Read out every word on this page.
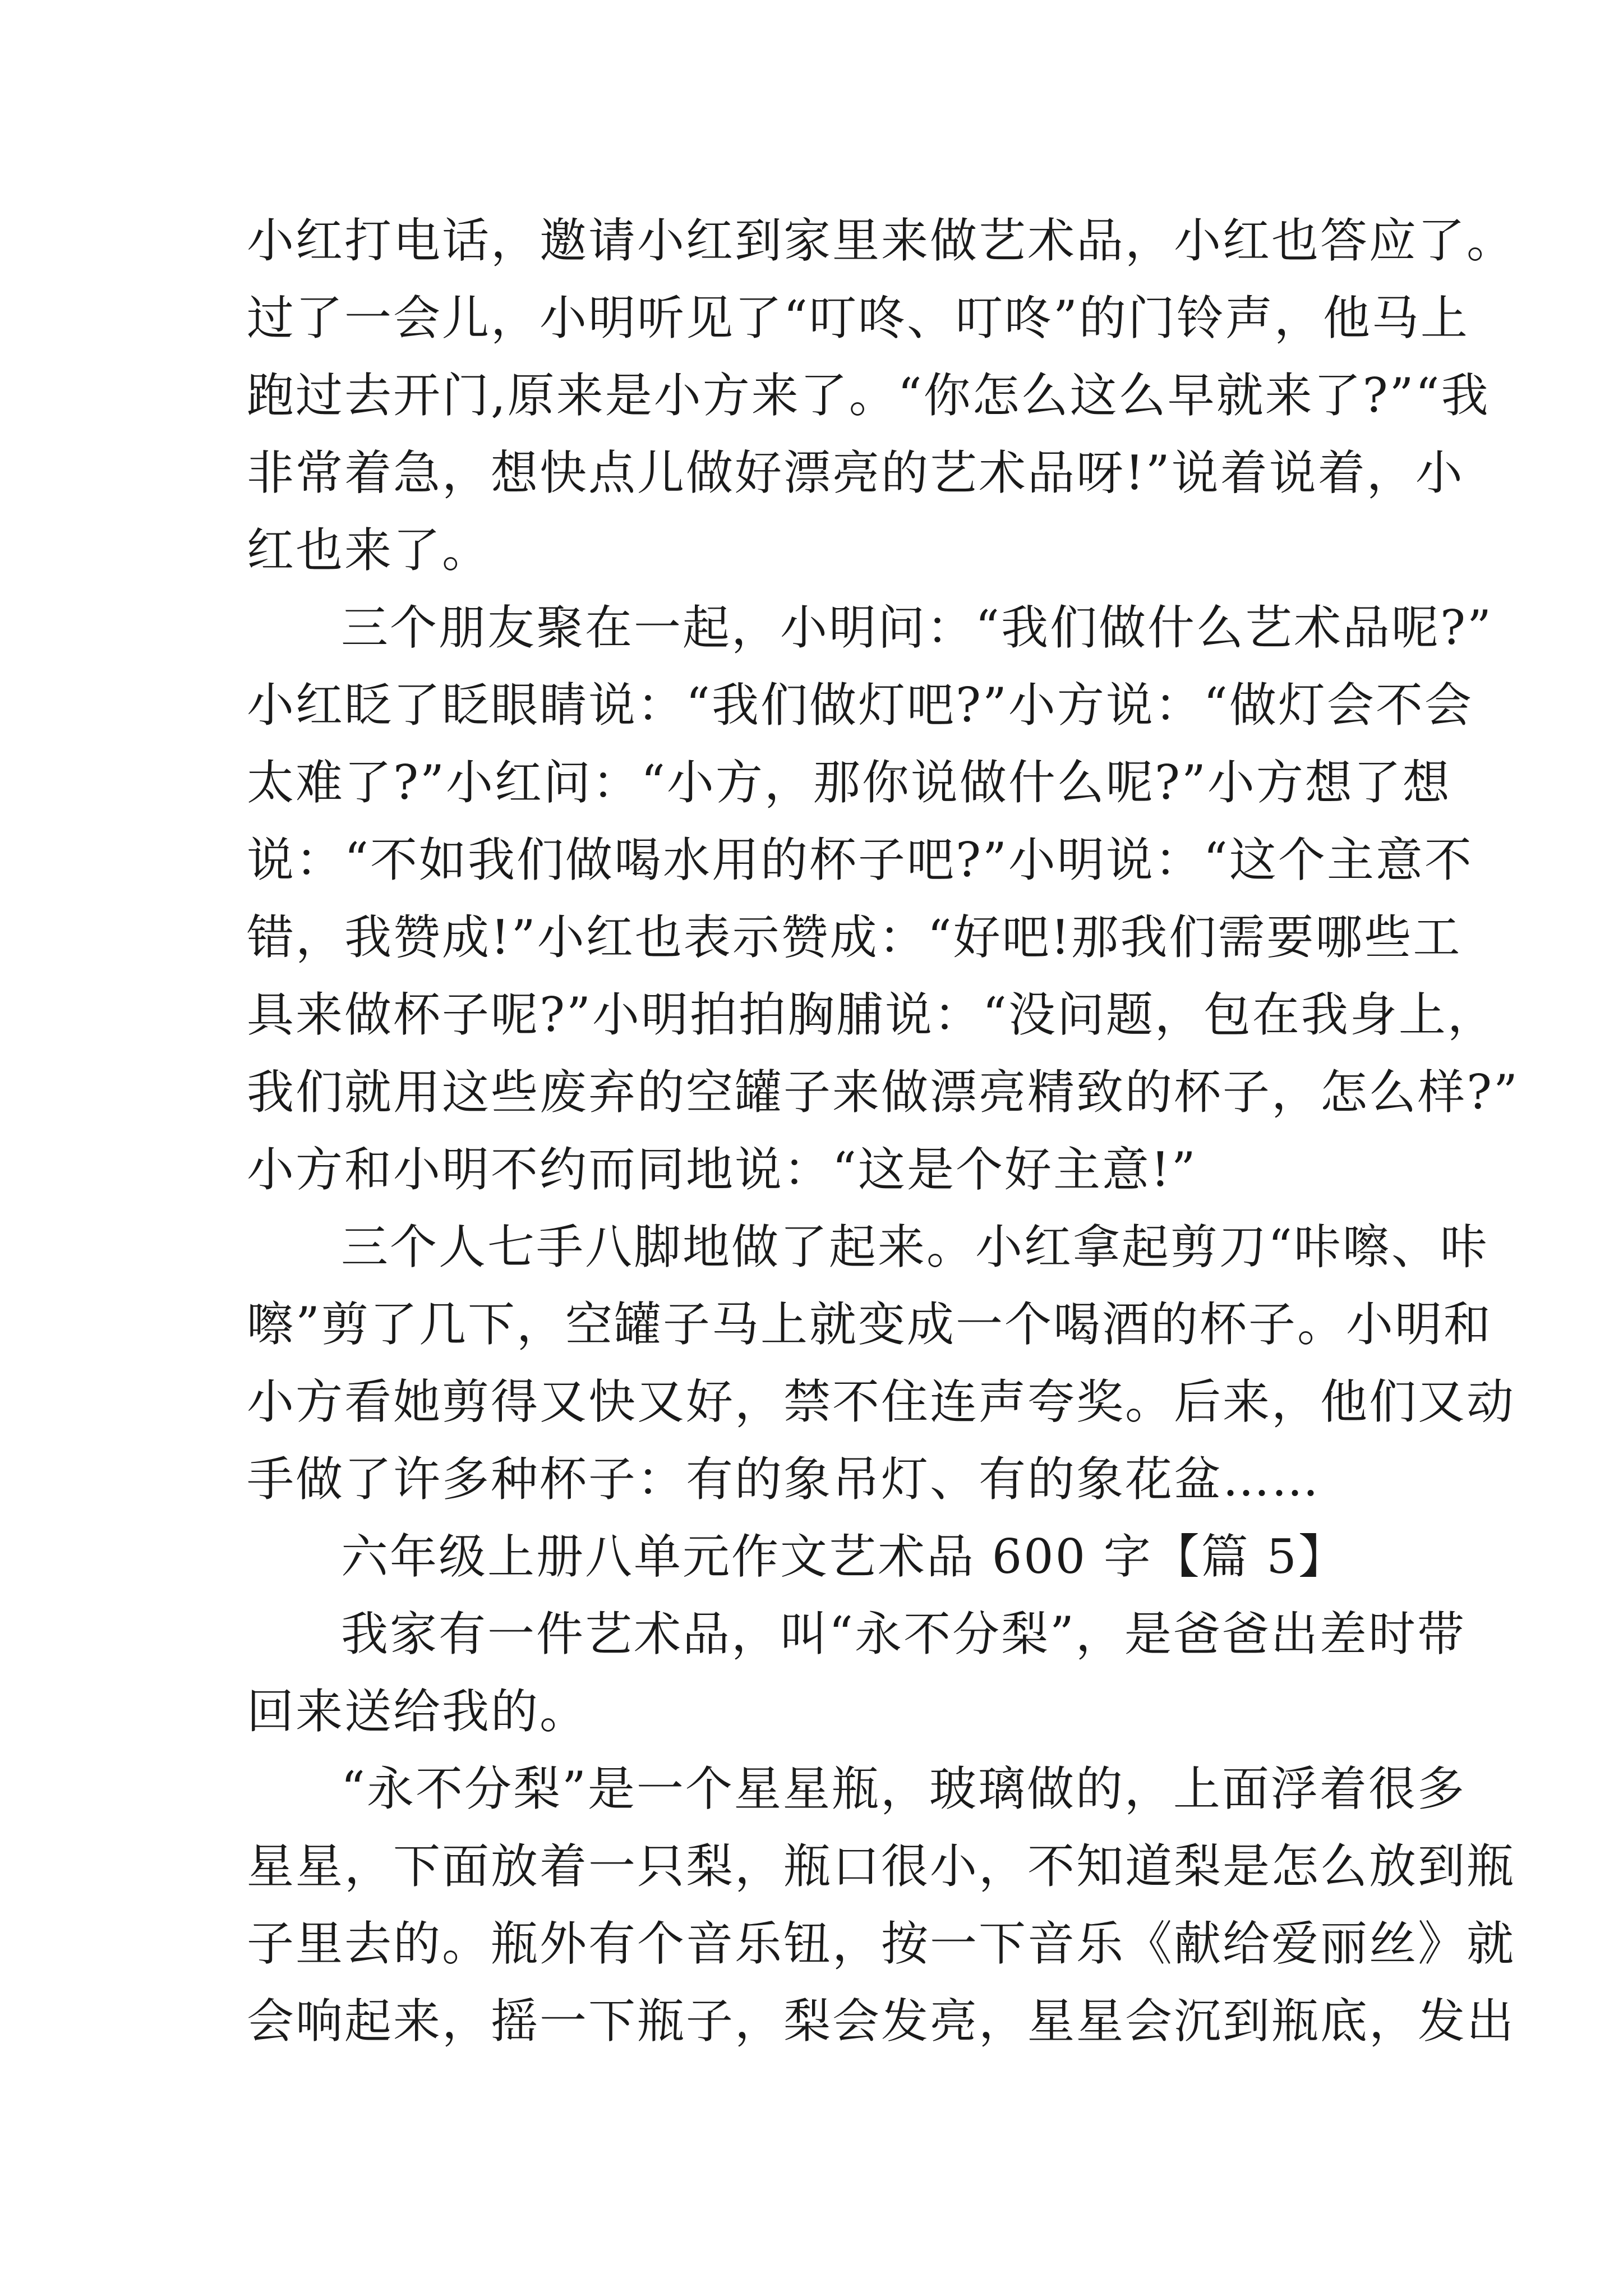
小红打电话，邀请小红到家里来做艺术品，小红也答应了。
过了一会儿，小明听见了“叮咚、叮咚”的门铃声，他马上
跑过去开门,原来是小方来了。“你怎么这么早就来了?”“我
非常着急，想快点儿做好漂亮的艺术品呀!”说着说着，小
红也来了。
三个朋友聚在一起，小明问：“我们做什么艺术品呢?”
小红眨了眨眼睛说：“我们做灯吧?”小方说：“做灯会不会
太难了?”小红问：“小方，那你说做什么呢?”小方想了想
说：“不如我们做喝水用的杯子吧?”小明说：“这个主意不
错，我赞成!”小红也表示赞成：“好吧!那我们需要哪些工
具来做杯子呢?”小明拍拍胸脯说：“没问题，包在我身上，
我们就用这些废弃的空罐子来做漂亮精致的杯子，怎么样?”
小方和小明不约而同地说：“这是个好主意!”
三个人七手八脚地做了起来。小红拿起剪刀“咔嚓、咔
嚓”剪了几下，空罐子马上就变成一个喝酒的杯子。小明和
小方看她剪得又快又好，禁不住连声夸奖。后来，他们又动
手做了许多种杯子：有的象吊灯、有的象花盆……
六年级上册八单元作文艺术品 600 字【篇 5】
我家有一件艺术品，叫“永不分梨”，是爸爸出差时带
回来送给我的。
“永不分梨”是一个星星瓶，玻璃做的，上面浮着很多
星星，下面放着一只梨，瓶口很小，不知道梨是怎么放到瓶
子里去的。瓶外有个音乐钮，按一下音乐《献给爱丽丝》就
会响起来，摇一下瓶子，梨会发亮，星星会沉到瓶底，发出
